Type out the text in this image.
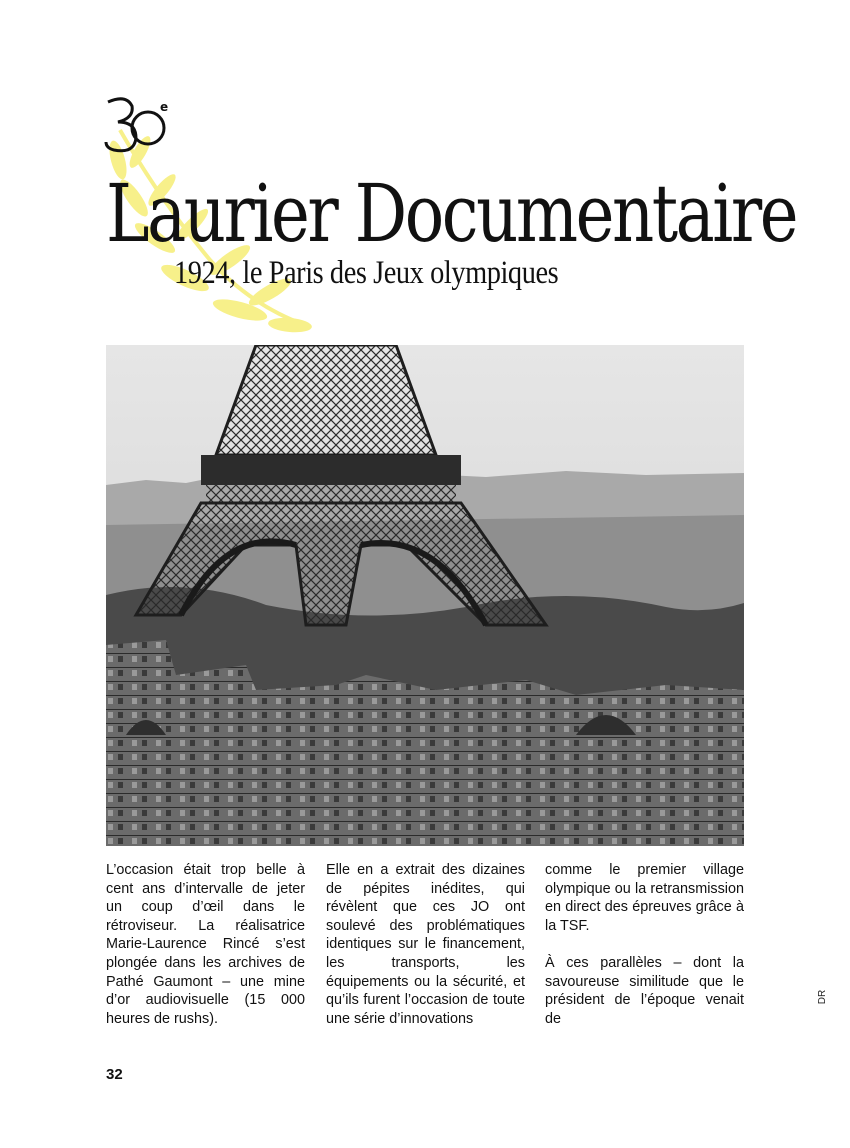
e
Laurier Documentaire
1924, le Paris des Jeux olympiques

L’occasion était trop belle à cent ans d’intervalle de jeter un coup d’œil dans le rétroviseur. La réalisatrice Marie-Laurence Rincé s’est plongée dans les archives de Pathé Gaumont – une mine d’or audiovisuelle (15 000 heures de rushs).

Elle en a extrait des dizaines de pépites inédites, qui révèlent que ces JO ont soulevé des problématiques identiques sur le financement, les transports, les équipements ou la sécurité, et qu’ils furent l’occasion de toute une série d’innovations

comme le premier village olympique ou la retransmission en direct des épreuves grâce à la TSF.

À ces parallèles – dont la savoureuse similitude que le président de l’époque venait de

DR
32
